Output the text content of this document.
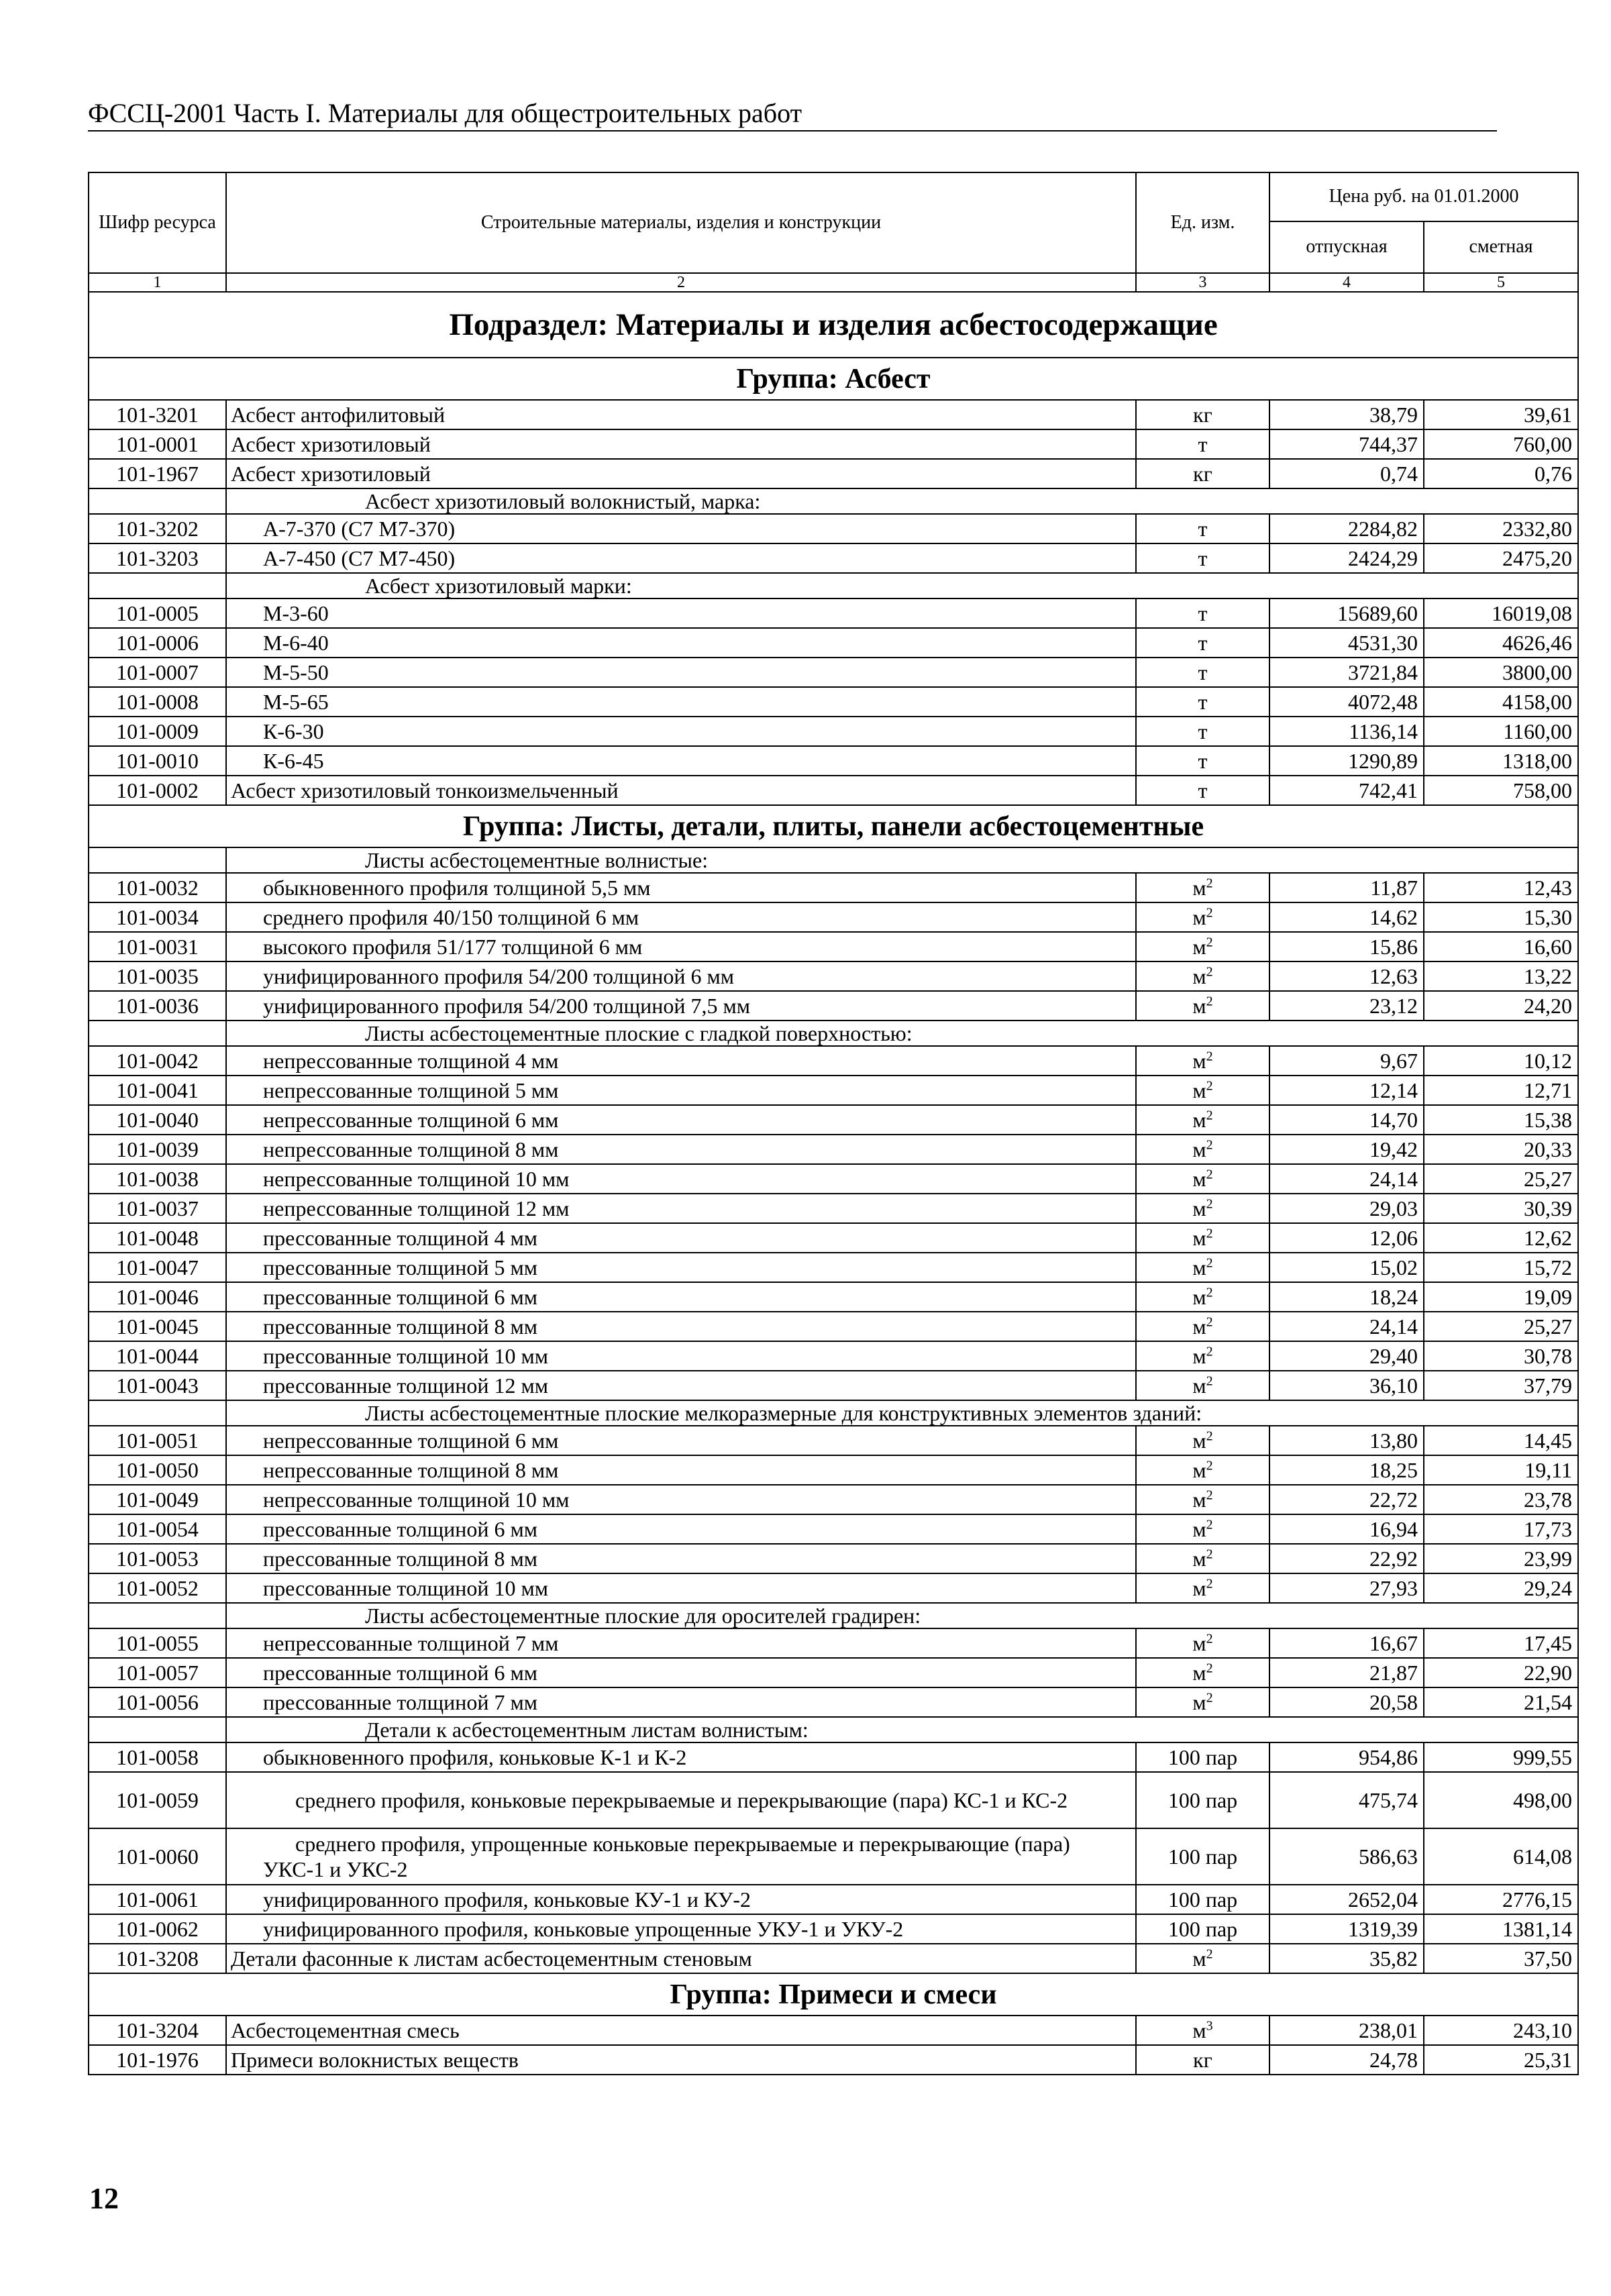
ФССЦ-2001 Часть I. Материалы для общестроительных работ
Шифр ресурса	Строительные материалы, изделия и конструкции	Ед. изм.	Цена руб. на 01.01.2000	
			отпускная	сметная
1	2	3	4	5
Подраздел: Материалы и изделия асбестосодержащие				
Группа: Асбест				
101-3201	Асбест антофилитовый	кг	38,79	39,61
101-0001	Асбест хризотиловый	т	744,37	760,00
101-1967	Асбест хризотиловый	кг	0,74	0,76
	Асбест хризотиловый волокнистый, марка:			
101-3202	А-7-370 (С7 М7-370)	т	2284,82	2332,80
101-3203	А-7-450 (С7 М7-450)	т	2424,29	2475,20
	Асбест хризотиловый марки:			
101-0005	М-3-60	т	15689,60	16019,08
101-0006	М-6-40	т	4531,30	4626,46
101-0007	М-5-50	т	3721,84	3800,00
101-0008	М-5-65	т	4072,48	4158,00
101-0009	К-6-30	т	1136,14	1160,00
101-0010	К-6-45	т	1290,89	1318,00
101-0002	Асбест хризотиловый тонкоизмельченный	т	742,41	758,00
Группа: Листы, детали, плиты, панели асбестоцементные				
	Листы асбестоцементные волнистые:			
101-0032	обыкновенного профиля толщиной 5,5 мм	$м^2$	11,87	12,43
101-0034	среднего профиля 40/150 толщиной 6 мм	$м^2$	14,62	15,30
101-0031	высокого профиля 51/177 толщиной 6 мм	$м^2$	15,86	16,60
101-0035	унифицированного профиля 54/200 толщиной 6 мм	$м^2$	12,63	13,22
101-0036	унифицированного профиля 54/200 толщиной 7,5 мм	$м^2$	23,12	24,20
	Листы асбестоцементные плоские с гладкой поверхностью:			
101-0042	непрессованные толщиной 4 мм	$м^2$	9,67	10,12
101-0041	непрессованные толщиной 5 мм	$м^2$	12,14	12,71
101-0040	непрессованные толщиной 6 мм	$м^2$	14,70	15,38
101-0039	непрессованные толщиной 8 мм	$м^2$	19,42	20,33
101-0038	непрессованные толщиной 10 мм	$м^2$	24,14	25,27
101-0037	непрессованные толщиной 12 мм	$м^2$	29,03	30,39
101-0048	прессованные толщиной 4 мм	$м^2$	12,06	12,62
101-0047	прессованные толщиной 5 мм	$м^2$	15,02	15,72
101-0046	прессованные толщиной 6 мм	$м^2$	18,24	19,09
101-0045	прессованные толщиной 8 мм	$м^2$	24,14	25,27
101-0044	прессованные толщиной 10 мм	$м^2$	29,40	30,78
101-0043	прессованные толщиной 12 мм	$м^2$	36,10	37,79
	Листы асбестоцементные плоские мелкоразмерные для конструктивных элементов зданий:			
101-0051	непрессованные толщиной 6 мм	$м^2$	13,80	14,45
101-0050	непрессованные толщиной 8 мм	$м^2$	18,25	19,11
101-0049	непрессованные толщиной 10 мм	$м^2$	22,72	23,78
101-0054	прессованные толщиной 6 мм	$м^2$	16,94	17,73
101-0053	прессованные толщиной 8 мм	$м^2$	22,92	23,99
101-0052	прессованные толщиной 10 мм	$м^2$	27,93	29,24
	Листы асбестоцементные плоские для оросителей градирен:			
101-0055	непрессованные толщиной 7 мм	$м^2$	16,67	17,45
101-0057	прессованные толщиной 6 мм	$м^2$	21,87	22,90
101-0056	прессованные толщиной 7 мм	$м^2$	20,58	21,54
	Детали к асбестоцементным листам волнистым:			
101-0058	обыкновенного профиля, коньковые К-1 и К-2	100 пар	954,86	999,55
101-0059	среднего профиля, коньковые перекрываемые и перекрывающие (пара) КС-1 и КС-2	100 пар	475,74	498,00
101-0060	среднего профиля, упрощенные коньковые перекрываемые и перекрывающие (пара) УКС-1 и УКС-2	100 пар	586,63	614,08
101-0061	унифицированного профиля, коньковые КУ-1 и КУ-2	100 пар	2652,04	2776,15
101-0062	унифицированного профиля, коньковые упрощенные УКУ-1 и УКУ-2	100 пар	1319,39	1381,14
101-3208	Детали фасонные к листам асбестоцементным стеновым	$м^2$	35,82	37,50
Группа: Примеси и смеси				
101-3204	Асбестоцементная смесь	$м^3$	238,01	243,10
101-1976	Примеси волокнистых веществ	кг	24,78	25,31
12
